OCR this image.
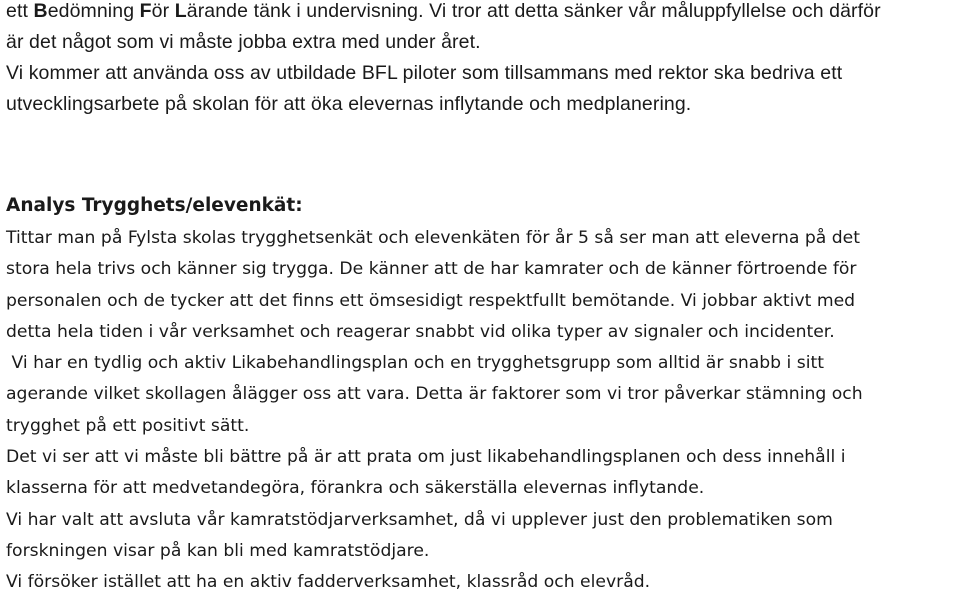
ett Bedömning För Lärande tänk i undervisning. Vi tror att detta sänker vår måluppfyllelse och därför
är det något som vi måste jobba extra med under året.
Vi kommer att använda oss av utbildade BFL piloter som tillsammans med rektor ska bedriva ett
utvecklingsarbete på skolan för att öka elevernas inflytande och medplanering.
Analys Trygghets/elevenkät:
Tittar man på Fylsta skolas trygghetsenkät och elevenkäten för år 5 så ser man att eleverna på det
stora hela trivs och känner sig trygga. De känner att de har kamrater och de känner förtroende för
personalen och de tycker att det finns ett ömsesidigt respektfullt bemötande. Vi jobbar aktivt med
detta hela tiden i vår verksamhet och reagerar snabbt vid olika typer av signaler och incidenter.
Vi har en tydlig och aktiv Likabehandlingsplan och en trygghetsgrupp som alltid är snabb i sitt
agerande vilket skollagen ålägger oss att vara. Detta är faktorer som vi tror påverkar stämning och
trygghet på ett positivt sätt.
Det vi ser att vi måste bli bättre på är att prata om just likabehandlingsplanen och dess innehåll i
klasserna för att medvetandegöra, förankra och säkerställa elevernas inflytande.
Vi har valt att avsluta vår kamratstödjarverksamhet, då vi upplever just den problematiken som
forskningen visar på kan bli med kamratstödjare.
Vi försöker istället att ha en aktiv fadderverksamhet, klassråd och elevråd.
